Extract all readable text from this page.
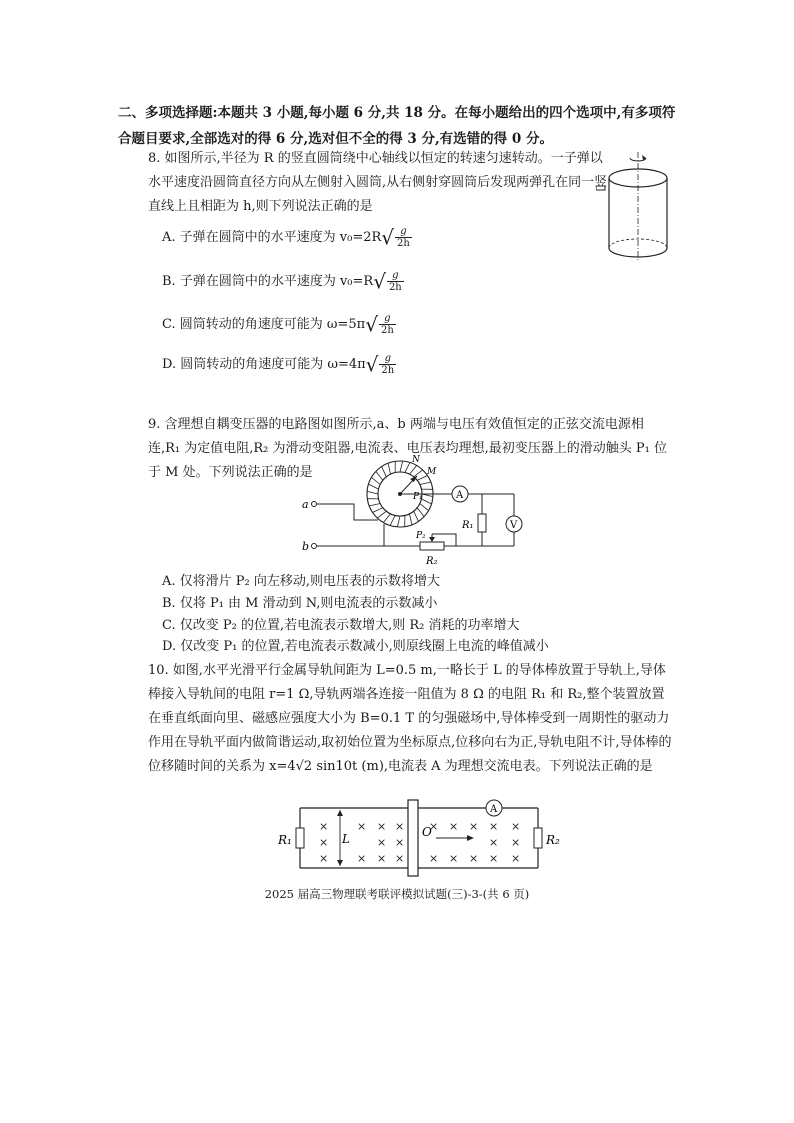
二、多项选择题:本题共 3 小题,每小题 6 分,共 18 分。在每小题给出的四个选项中,有多项符合题目要求,全部选对的得 6 分,选对但不全的得 3 分,有选错的得 0 分。
8. 如图所示,半径为 R 的竖直圆筒绕中心轴线以恒定的转速匀速转动。一子弹以水平速度沿圆筒直径方向从左侧射入圆筒,从右侧射穿圆筒后发现两弹孔在同一竖直线上且相距为 h,则下列说法正确的是
A. 子弹在圆筒中的水平速度为 $v_0=2R√ \frac{g}{2h}$
B. 子弹在圆筒中的水平速度为 $v_0=R√ \frac{g}{2h}$
C. 圆筒转动的角速度可能为 $\omega=5\pi√ \frac{g}{2h}$
D. 圆筒转动的角速度可能为 $\omega=4\pi√ \frac{g}{2h}$
9. 含理想自耦变压器的电路图如图所示,a、b 两端与电压有效值恒定的正弦交流电源相连,R₁ 为定值电阻,R₂ 为滑动变阻器,电流表、电压表均理想,最初变压器上的滑动触头 P₁ 位于 M 处。下列说法正确的是
a
b
P₁
N
M
A
R₁	V
P₂
R₂
A. 仅将滑片 P₂ 向左移动,则电压表的示数将增大
B. 仅将 P₁ 由 M 滑动到 N,则电流表的示数减小
C. 仅改变 P₂ 的位置,若电流表示数增大,则 R₂ 消耗的功率增大
D. 仅改变 P₁ 的位置,若电流表示数减小,则原线圈上电流的峰值减小
10. 如图,水平光滑平行金属导轨间距为 L=0.5 m,一略长于 L 的导体棒放置于导轨上,导体棒接入导轨间的电阻 r=1 Ω,导轨两端各连接一阻值为 8 Ω 的电阻 R₁ 和 R₂,整个装置放置在垂直纸面向里、磁感应强度大小为 B=0.1 T 的匀强磁场中,导体棒受到一周期性的驱动力作用在导轨平面内做简谐运动,取初始位置为坐标原点,位移向右为正,导轨电阻不计,导体棒的位移随时间的关系为 x=4√2 sin10t (m),电流表 A 为理想交流电表。下列说法正确的是
R₁	R₂
A
L	O
×
×
×
×
×
×
×
×
×
×
×
×
×
×
×
×
×
×
×
×
×
×
×
2025 届高三物理联考联评模拟试题(三)-3-(共 6 页)
